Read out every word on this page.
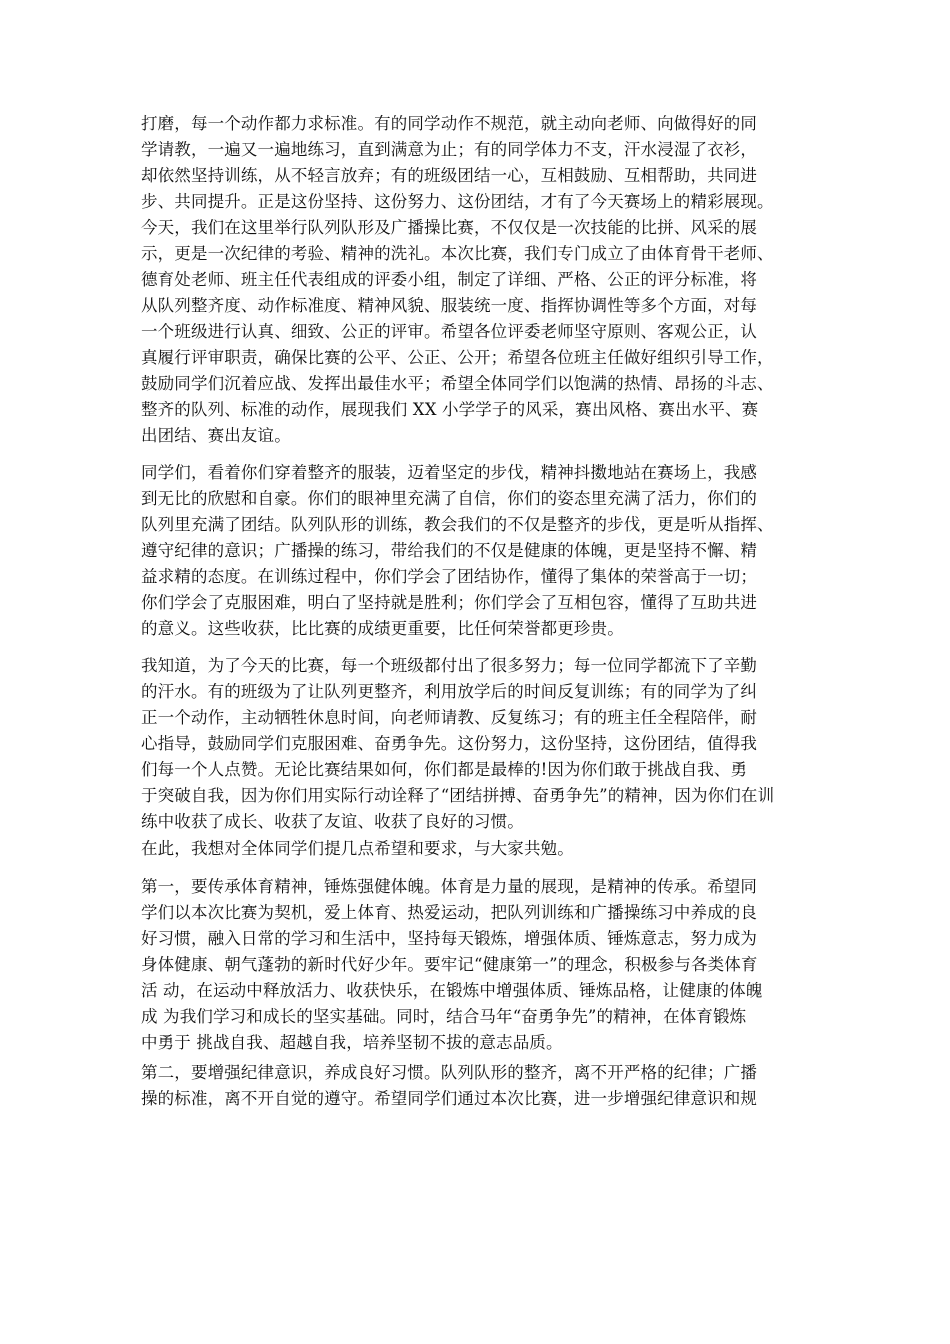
打磨，每一个动作都力求标准。有的同学动作不规范，就主动向老师、向做得好的同
学请教，一遍又一遍地练习，直到满意为止；有的同学体力不支，汗水浸湿了衣衫，
却依然坚持训练，从不轻言放弃；有的班级团结一心，互相鼓励、互相帮助，共同进
步、共同提升。正是这份坚持、这份努力、这份团结，才有了今天赛场上的精彩展现。
今天，我们在这里举行队列队形及广播操比赛，不仅仅是一次技能的比拼、风采的展
示，更是一次纪律的考验、精神的洗礼。本次比赛，我们专门成立了由体育骨干老师、
德育处老师、班主任代表组成的评委小组，制定了详细、严格、公正的评分标准，将
从队列整齐度、动作标准度、精神风貌、服装统一度、指挥协调性等多个方面，对每
一个班级进行认真、细致、公正的评审。希望各位评委老师坚守原则、客观公正，认
真履行评审职责，确保比赛的公平、公正、公开；希望各位班主任做好组织引导工作，
鼓励同学们沉着应战、发挥出最佳水平；希望全体同学们以饱满的热情、昂扬的斗志、
整齐的队列、标准的动作，展现我们 XX 小学学子的风采，赛出风格、赛出水平、赛
出团结、赛出友谊。
同学们，看着你们穿着整齐的服装，迈着坚定的步伐，精神抖擞地站在赛场上，我感
到无比的欣慰和自豪。你们的眼神里充满了自信，你们的姿态里充满了活力，你们的
队列里充满了团结。队列队形的训练，教会我们的不仅是整齐的步伐，更是听从指挥、
遵守纪律的意识；广播操的练习，带给我们的不仅是健康的体魄，更是坚持不懈、精
益求精的态度。在训练过程中，你们学会了团结协作，懂得了集体的荣誉高于一切；
你们学会了克服困难，明白了坚持就是胜利；你们学会了互相包容，懂得了互助共进
的意义。这些收获，比比赛的成绩更重要，比任何荣誉都更珍贵。
我知道，为了今天的比赛，每一个班级都付出了很多努力；每一位同学都流下了辛勤
的汗水。有的班级为了让队列更整齐，利用放学后的时间反复训练；有的同学为了纠
正一个动作，主动牺牲休息时间，向老师请教、反复练习；有的班主任全程陪伴，耐
心指导，鼓励同学们克服困难、奋勇争先。这份努力，这份坚持，这份团结，值得我
们每一个人点赞。无论比赛结果如何，你们都是最棒的!因为你们敢于挑战自我、勇
于突破自我，因为你们用实际行动诠释了“团结拼搏、奋勇争先”的精神，因为你们在训
练中收获了成长、收获了友谊、收获了良好的习惯。
在此，我想对全体同学们提几点希望和要求，与大家共勉。
第一，要传承体育精神，锤炼强健体魄。体育是力量的展现，是精神的传承。希望同
学们以本次比赛为契机，爱上体育、热爱运动，把队列训练和广播操练习中养成的良
好习惯，融入日常的学习和生活中，坚持每天锻炼，增强体质、锤炼意志，努力成为
身体健康、朝气蓬勃的新时代好少年。要牢记“健康第一”的理念，积极参与各类体育
活 动，在运动中释放活力、收获快乐，在锻炼中增强体质、锤炼品格，让健康的体魄
成 为我们学习和成长的坚实基础。同时，结合马年“奋勇争先”的精神，在体育锻炼
中勇于 挑战自我、超越自我，培养坚韧不拔的意志品质。
第二，要增强纪律意识，养成良好习惯。队列队形的整齐，离不开严格的纪律；广播
操的标准，离不开自觉的遵守。希望同学们通过本次比赛，进一步增强纪律意识和规
